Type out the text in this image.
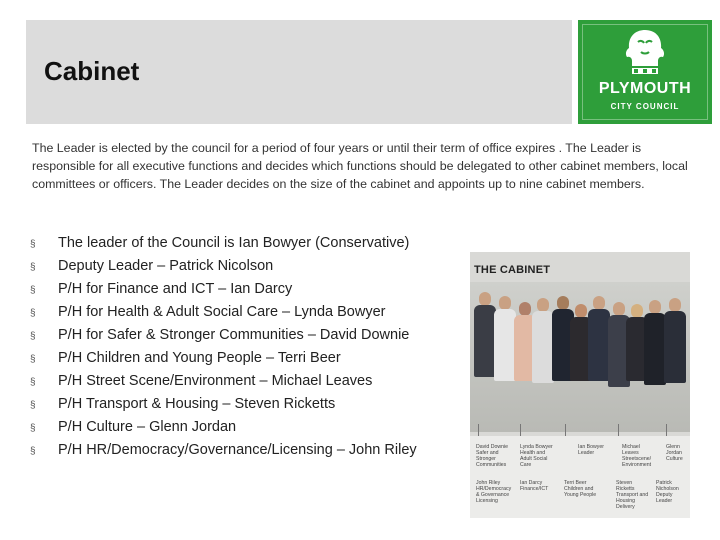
Cabinet
PLYMOUTH
CITY COUNCIL
The Leader is elected by the council for a period of four years or until their term of office expires . The Leader is responsible for all executive functions and decides which functions should be delegated to other cabinet members, local committees or officers. The Leader decides on the size of the cabinet and appoints up to nine cabinet members.
§ The leader of the Council is Ian Bowyer (Conservative)
§ Deputy Leader – Patrick Nicolson
§ P/H for Finance and ICT – Ian Darcy
§ P/H for Health & Adult Social Care – Lynda Bowyer
§ P/H for Safer & Stronger Communities – David Downie
§ P/H Children and Young People – Terri Beer
§ P/H Street Scene/Environment – Michael Leaves
§ P/H Transport & Housing – Steven Ricketts
§ P/H Culture – Glenn Jordan
§ P/H HR/Democracy/Governance/Licensing – John Riley
THE CABINET
David Downie Safer and Stronger Communities
Lynda Bowyer Health and Adult Social Care
Ian Bowyer Leader
Michael Leaves Streetscene/ Environment
Glenn Jordan Culture
John Riley HR/Democracy & Governance Licensing
Ian Darcy Finance/ICT
Terri Beer Children and Young People
Steven Ricketts Transport and Housing Delivery
Patrick Nicholson Deputy Leader
